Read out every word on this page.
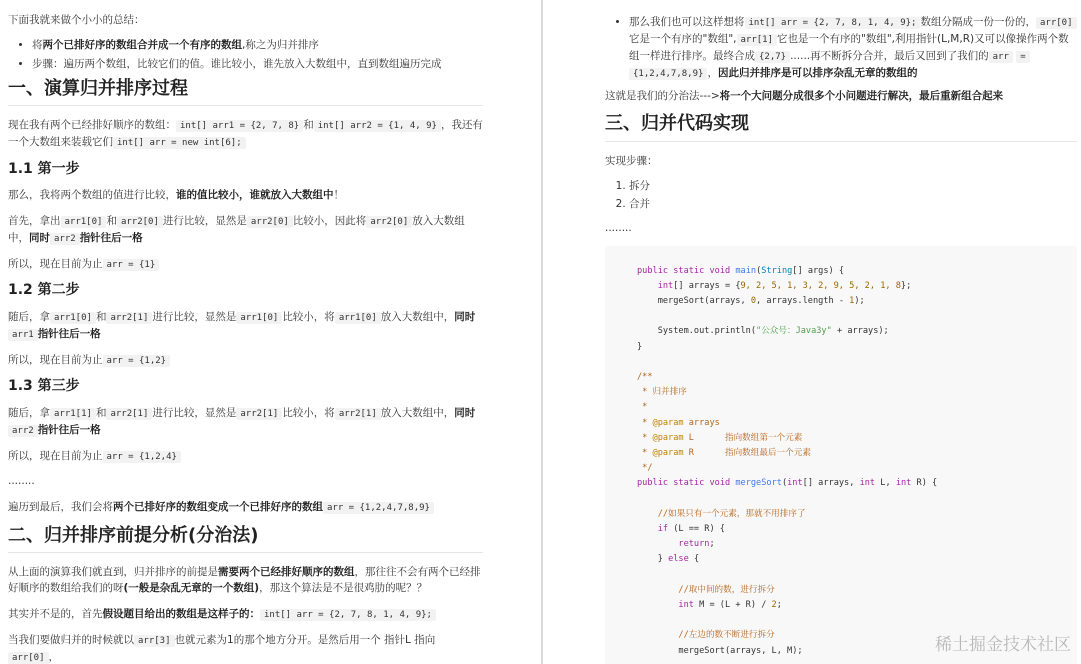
下面我就来做个小小的总结：

• 将两个已排好序的数组合并成一个有序的数组,称之为归并排序
• 步骤：遍历两个数组，比较它们的值。谁比较小，谁先放入大数组中，直到数组遍历完成
一、演算归并排序过程

现在我有两个已经排好顺序的数组： int[] arr1 = {2, 7, 8} 和 int[] arr2 = {1, 4, 9} ，我还有一个大数组来装载它们 int[] arr = new int[6];

1.1 第一步

那么，我将两个数组的值进行比较，谁的值比较小，谁就放入大数组中！

首先，拿出 arr1[0] 和 arr2[0] 进行比较，显然是 arr2[0] 比较小，因此将 arr2[0] 放入大数组中，同时 arr2 指针往后一格

所以，现在目前为止 arr = {1}

1.2 第二步

随后，拿 arr1[0] 和 arr2[1] 进行比较，显然是 arr1[0] 比较小，将 arr1[0] 放入大数组中，同时arr1 指针往后一格

所以，现在目前为止 arr = {1,2}

1.3 第三步

随后，拿 arr1[1] 和 arr2[1] 进行比较，显然是 arr2[1] 比较小，将 arr2[1] 放入大数组中，同时arr2 指针往后一格

所以，现在目前为止 arr = {1,2,4}

........

遍历到最后，我们会将两个已排好序的数组变成一个已排好序的数组 arr = {1,2,4,7,8,9}

二、归并排序前提分析(分治法)

从上面的演算我们就直到，归并排序的前提是需要两个已经排好顺序的数组，那往往不会有两个已经排好顺序的数组给我们的呀(一般是杂乱无章的一个数组)，那这个算法是不是很鸡肋的呢？？

其实并不是的，首先假设题目给出的数组是这样子的： int[] arr = {2, 7, 8, 1, 4, 9};

当我们要做归并的时候就以 arr[3] 也就元素为1的那个地方分开。是然后用一个 指针L 指向arr[0] ，

• 那么我们也可以这样想将 int[] arr = {2, 7, 8, 1, 4, 9}; 数组分隔成一份一份的， arr[0]它是一个有序的"数组", arr[1] 它也是一个有序的"数组",利用指针(L,M,R)又可以像操作两个数组一样进行排序。最终合成 {2,7} ......再不断拆分合并，最后又回到了我们的 arr = {1,2,4,7,8,9} ，因此归并排序是可以排序杂乱无章的数组的

这就是我们的分治法--->将一个大问题分成很多个小问题进行解决，最后重新组合起来

三、归并代码实现

实现步骤：

1. 拆分
2. 合并

........

public static void main(String[] args) {
int[] arrays = {9, 2, 5, 1, 3, 2, 9, 5, 2, 1, 8};
mergeSort(arrays, 0, arrays.length - 1);

System.out.println("公众号：Java3y" + arrays);
}

/**
* 归并排序
*
* @param arrays
* @param L      指向数组第一个元素
* @param R      指向数组最后一个元素
*/
public static void mergeSort(int[] arrays, int L, int R) {

//如果只有一个元素，那就不用排序了
if (L == R) {
return;
} else {

//取中间的数，进行拆分
int M = (L + R) / 2;

//左边的数不断进行拆分
mergeSort(arrays, L, M);	稀土掘金技术社区
